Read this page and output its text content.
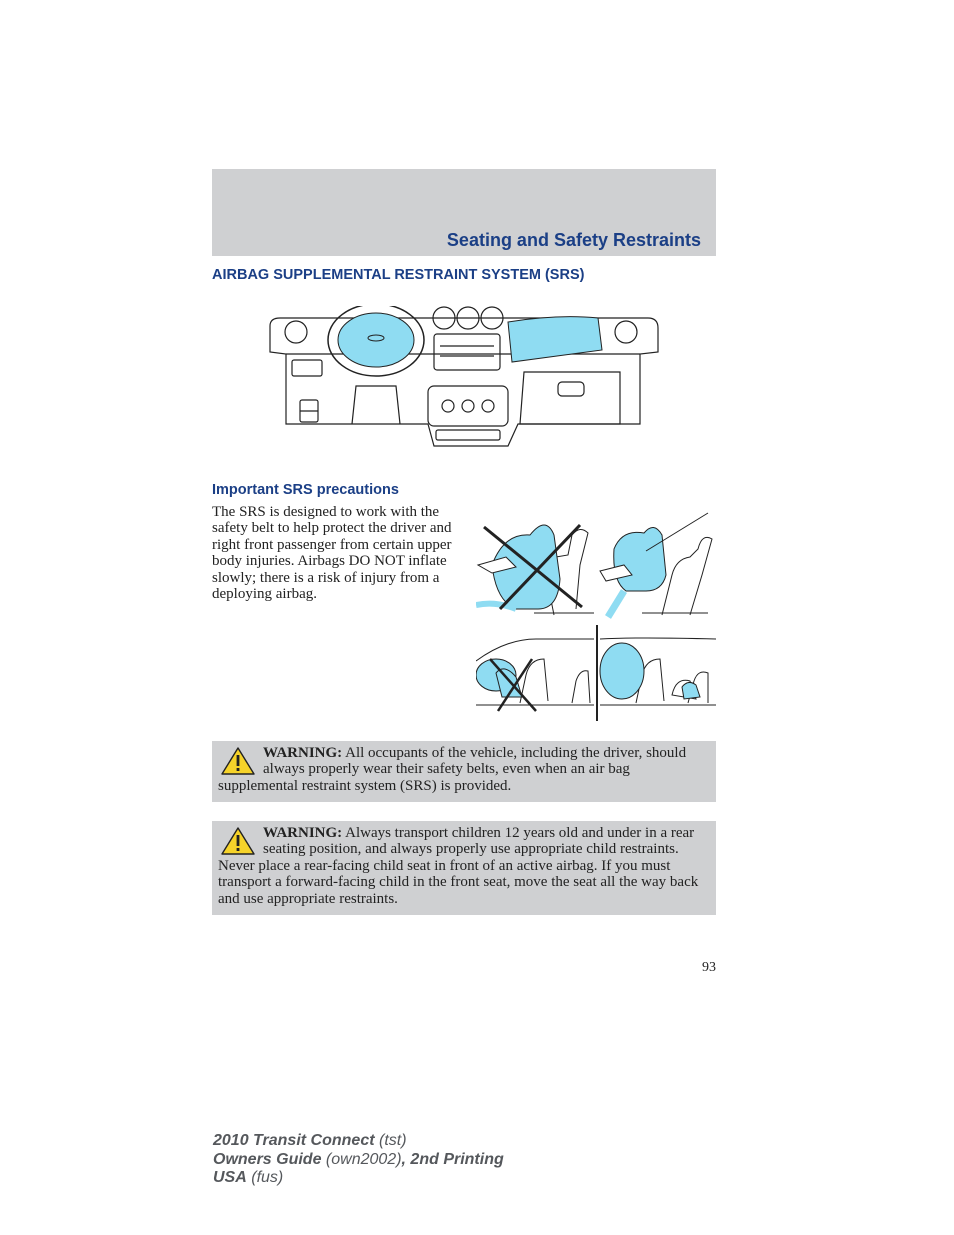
Seating and Safety Restraints
AIRBAG SUPPLEMENTAL RESTRAINT SYSTEM (SRS)
Important SRS precautions
The SRS is designed to work with the safety belt to help protect the driver and right front passenger from certain upper body injuries. Airbags DO NOT inflate slowly; there is a risk of injury from a deploying airbag.
WARNING: All occupants of the vehicle, including the driver, should always properly wear their safety belts, even when an air bag supplemental restraint system (SRS) is provided.
WARNING: Always transport children 12 years old and under in a rear seating position, and always properly use appropriate child restraints. Never place a rear-facing child seat in front of an active airbag. If you must transport a forward-facing child in the front seat, move the seat all the way back and use appropriate restraints.
93
2010 Transit Connect (tst)
Owners Guide (own2002), 2nd Printing
USA (fus)
